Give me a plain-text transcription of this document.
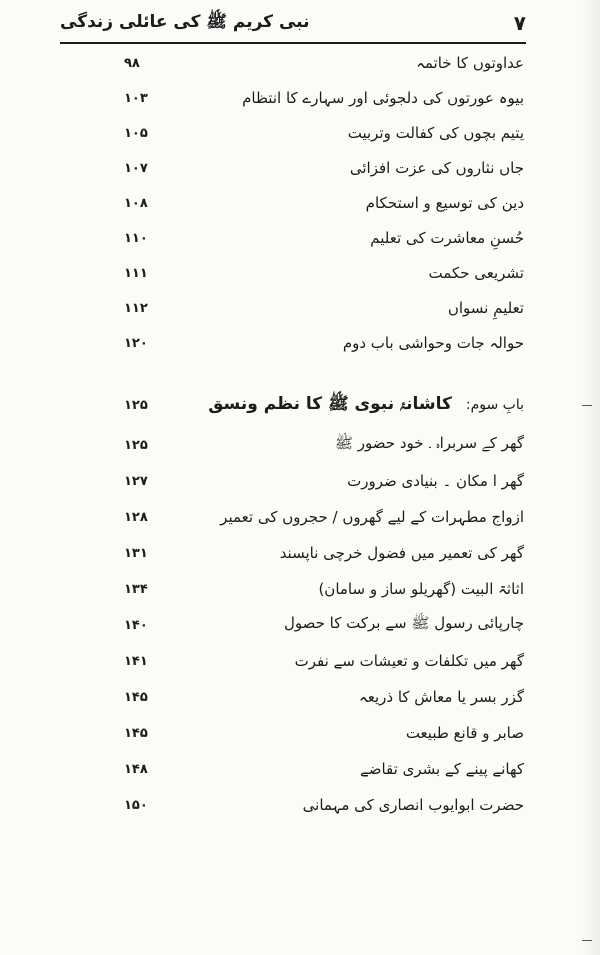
نبی کریم ﷺ کی عائلی زندگی	۷
۹۸	عداوتوں کا خاتمہ
۱۰۳	بیوہ عورتوں کی دلجوئی اور سہارے کا انتظام
۱۰۵	یتیم بچوں کی کفالت وتربیت
۱۰۷	جاں نثاروں کی عزت افزائی
۱۰۸	دین کی توسیع و استحکام
۱۱۰	حُسنِ معاشرت کی تعلیم
۱۱۱	تشریعی حکمت
۱۱۲	تعلیمِ نسواں
۱۲۰	حوالہ جات وحواشی باب دوم
۱۲۵	بابِ سوم:کاشانۂ نبوی ﷺ کا نظم ونسق
۱۲۵	گھر کے سربراہ ۔ خود حضور ﷺ
۱۲۷	گھر ا مکان ۔ بنیادی ضرورت
۱۲۸	ازواج مطہرات کے لیے گھروں / حجروں کی تعمیر
۱۳۱	گھر کی تعمیر میں فضول خرچی ناپسند
۱۳۴	اثاثۃ البیت (گھریلو ساز و سامان)
۱۴۰	چارپائی رسول ﷺ سے برکت کا حصول
۱۴۱	گھر میں تکلفات و تعیشات سے نفرت
۱۴۵	گزر بسر یا معاش کا ذریعہ
۱۴۵	صابر و قانع طبیعت
۱۴۸	کھانے پینے کے بشری تقاضے
۱۵۰	حضرت ابوایوب انصاری کی مہمانی
